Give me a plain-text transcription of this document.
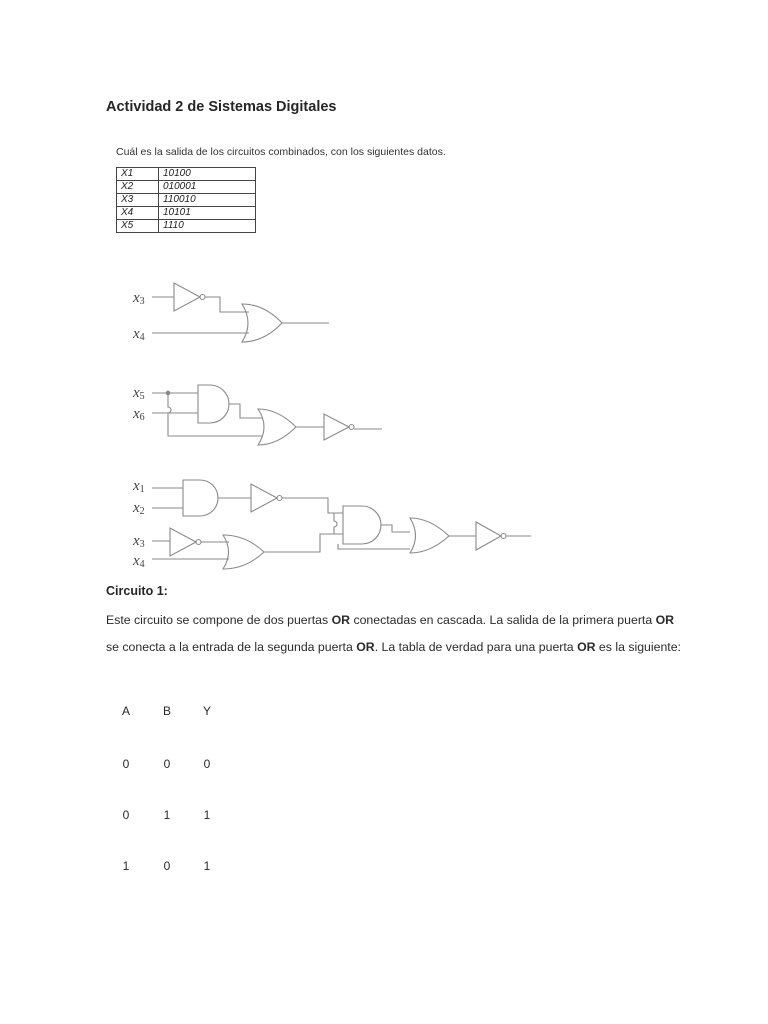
Actividad 2 de Sistemas Digitales
Cuál es la salida de los circuitos combinados, con los siguientes datos.
X1	10100
X2	010001
X3	110010
X4	10101
X5	1110
x3
x4
x5
x6
x1
x2
x3
x4
Circuito 1:
Este circuito se compone de dos puertas OR conectadas en cascada. La salida de la primera puerta OR se conecta a la entrada de la segunda puerta OR. La tabla de verdad para una puerta OR es la siguiente:
A	B	Y
0	0	0
0	1	1
1	0	1
